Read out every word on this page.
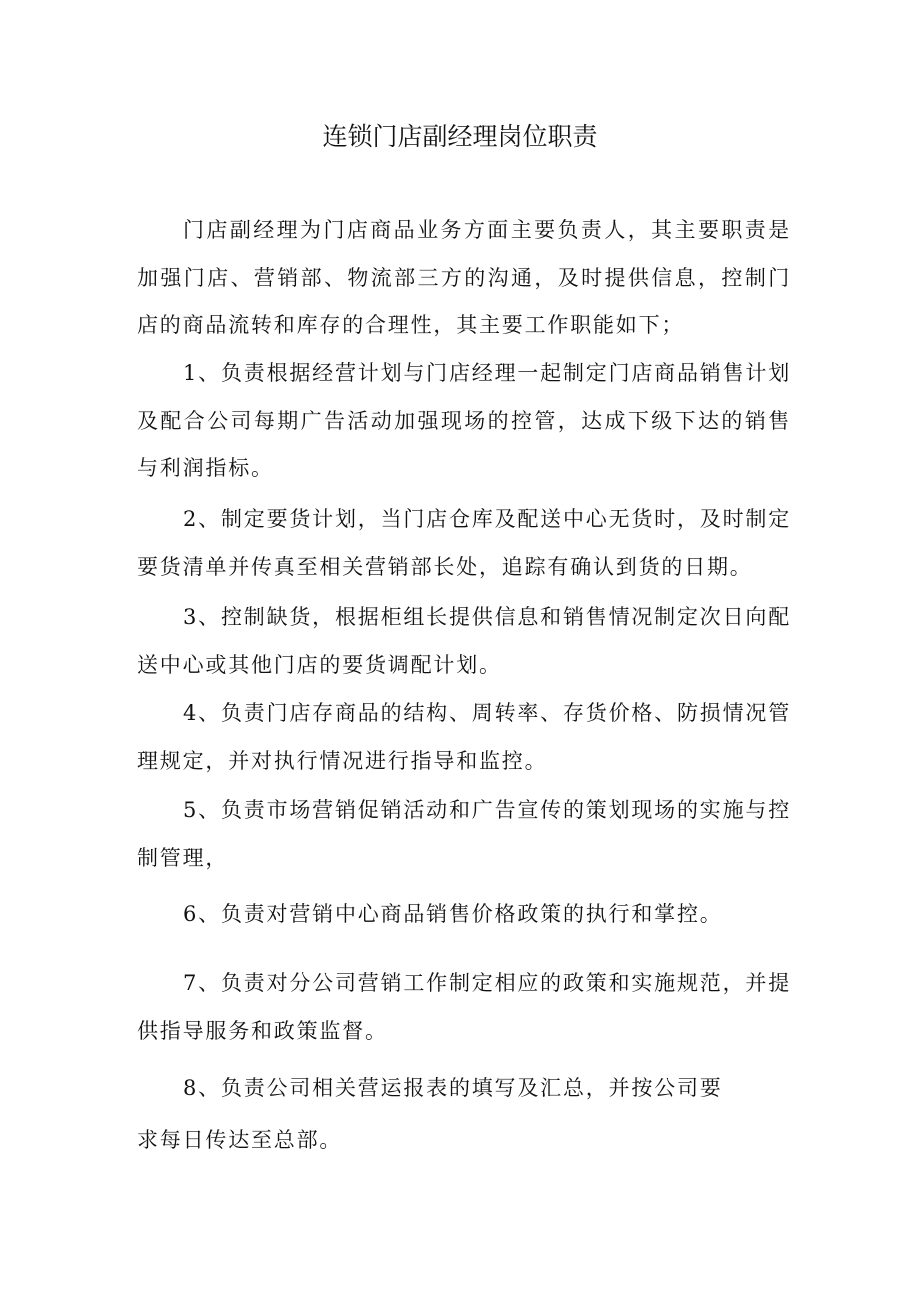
连锁门店副经理岗位职责

门店副经理为门店商品业务方面主要负责人，其主要职责是加强门店、营销部、物流部三方的沟通，及时提供信息，控制门店的商品流转和库存的合理性，其主要工作职能如下；

1、负责根据经营计划与门店经理一起制定门店商品销售计划及配合公司每期广告活动加强现场的控管，达成下级下达的销售与利润指标。

2、制定要货计划，当门店仓库及配送中心无货时，及时制定要货清单并传真至相关营销部长处，追踪有确认到货的日期。

3、控制缺货，根据柜组长提供信息和销售情况制定次日向配送中心或其他门店的要货调配计划。

4、负责门店存商品的结构、周转率、存货价格、防损情况管理规定，并对执行情况进行指导和监控。

5、负责市场营销促销活动和广告宣传的策划现场的实施与控制管理，

6、负责对营销中心商品销售价格政策的执行和掌控。

7、负责对分公司营销工作制定相应的政策和实施规范，并提供指导服务和政策监督。

8、负责公司相关营运报表的填写及汇总，并按公司要

求每日传达至总部。
